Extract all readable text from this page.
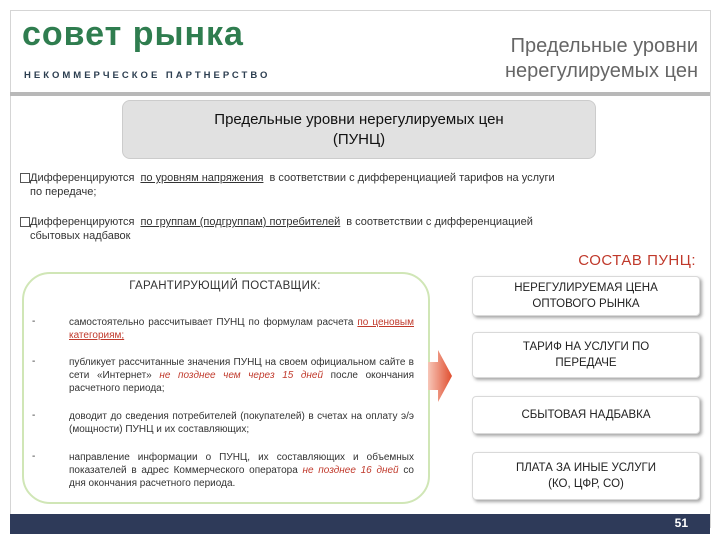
совет рынка
НЕКОММЕРЧЕСКОЕ ПАРТНЕРСТВО
Предельные уровни
нерегулируемых цен
Предельные уровни нерегулируемых цен
(ПУНЦ)
Дифференцируются по уровням напряжения в соответствии с дифференциацией тарифов на услуги
по передаче;
Дифференцируются по группам (подгруппам) потребителей в соответствии с дифференциацией
сбытовых надбавок
СОСТАВ ПУНЦ:
ГАРАНТИРУЮЩИЙ ПОСТАВЩИК:
-	самостоятельно рассчитывает ПУНЦ по формулам расчета по ценовым категориям;
-	публикует рассчитанные значения ПУНЦ на своем официальном сайте в сети «Интернет» не позднее чем через 15 дней после окончания расчетного периода;
-	доводит до сведения потребителей (покупателей) в счетах на оплату э/э (мощности) ПУНЦ и их составляющих;
-	направление информации о ПУНЦ, их составляющих и объемных показателей в адрес Коммерческого оператора не позднее 16 дней со дня окончания расчетного периода.
НЕРЕГУЛИРУЕМАЯ ЦЕНА
ОПТОВОГО РЫНКА
ТАРИФ НА УСЛУГИ ПО
ПЕРЕДАЧЕ
СБЫТОВАЯ НАДБАВКА
ПЛАТА ЗА ИНЫЕ УСЛУГИ
(КО, ЦФР, СО)
51
